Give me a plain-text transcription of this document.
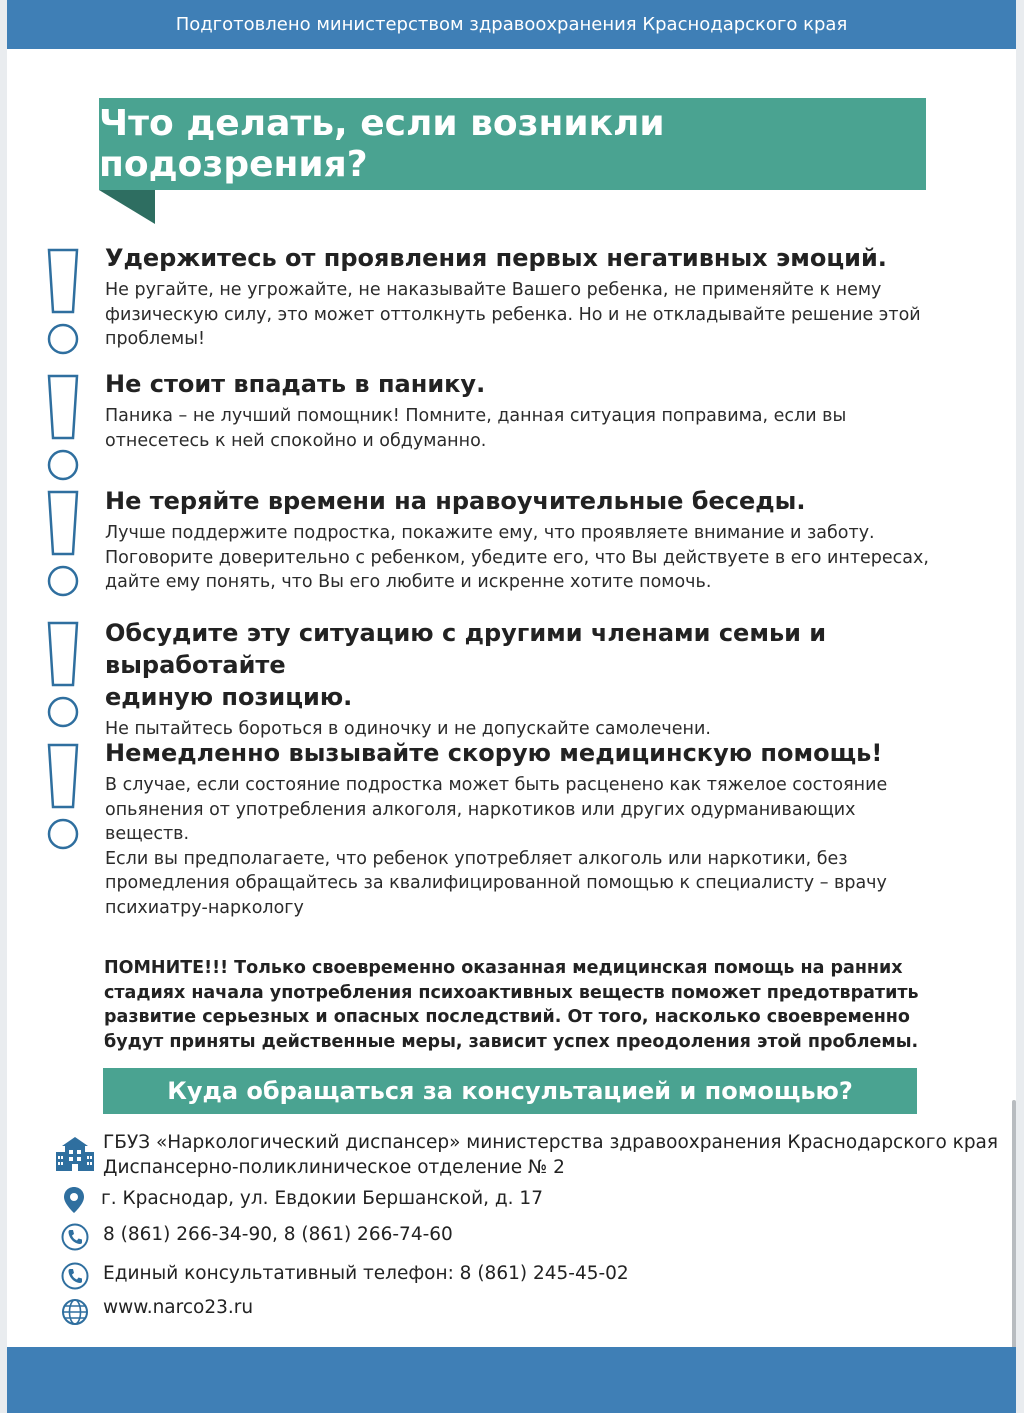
Подготовлено министерством здравоохранения Краснодарского края
Что делать, если возникли подозрения?

Удержитесь от проявления первых негативных эмоций.

Не ругайте, не угрожайте, не наказывайте Вашего ребенка, не применяйте к нему
физическую силу, это может оттолкнуть ребенка. Но и не откладывайте решение этой
проблемы!

Не стоит впадать в панику.

Паника – не лучший помощник! Помните, данная ситуация поправима, если вы
отнесетесь к ней спокойно и обдуманно.

Не теряйте времени на нравоучительные беседы.

Лучше поддержите подростка, покажите ему, что проявляете внимание и заботу.
Поговорите доверительно с ребенком, убедите его, что Вы действуете в его интересах,
дайте ему понять, что Вы его любите и искренне хотите помочь.

Обсудите эту ситуацию с другими членами семьи и выработайте
единую позицию.

Не пытайтесь бороться в одиночку и не допускайте самолечени.

Немедленно вызывайте скорую медицинскую помощь!

В случае, если состояние подростка может быть расценено как тяжелое состояние
опьянения от употребления алкоголя, наркотиков или других одурманивающих
веществ.
Если вы предполагаете, что ребенок употребляет алкоголь или наркотики, без
промедления обращайтесь за квалифицированной помощью к специалисту – врачу
психиатру-наркологу
ПОМНИТЕ!!! Только своевременно оказанная медицинская помощь на ранних стадиях начала употребления психоактивных веществ поможет предотвратить развитие серьезных и опасных последствий. От того, насколько своевременно будут приняты действенные меры, зависит успех преодоления этой проблемы.
Куда обращаться за консультацией и помощью?
ГБУЗ «Наркологический диспансер» министерства здравоохранения Краснодарского края
Диспансерно-поликлиническое отделение № 2
г. Краснодар, ул. Евдокии Бершанской, д. 17
8 (861) 266-34-90, 8 (861) 266-74-60
Единый консультативный телефон: 8 (861) 245-45-02
www.narco23.ru
